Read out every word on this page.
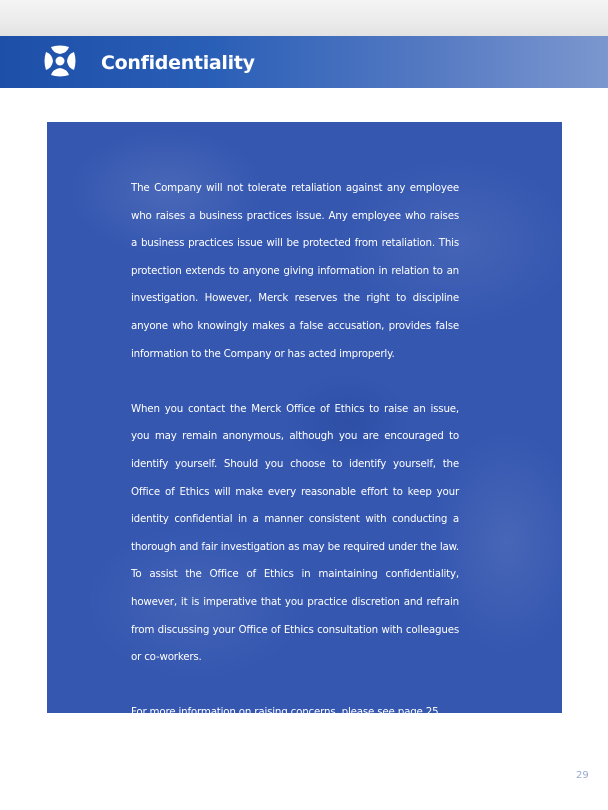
Confidentiality

The Company will not tolerate retaliation against any employee who raises a business practices issue. Any employee who raises a business practices issue will be protected from retaliation. This protection extends to anyone giving information in relation to an investigation. However, Merck reserves the right to discipline anyone who knowingly makes a false accusation, provides false information to the Company or has acted improperly.

When you contact the Merck Office of Ethics to raise an issue, you may remain anonymous, although you are encouraged to identify yourself. Should you choose to identify yourself, the Office of Ethics will make every reasonable effort to keep your identity confidential in a manner consistent with conducting a thorough and fair investigation as may be required under the law. To assist the Office of Ethics in maintaining confidentiality, however, it is imperative that you practice discretion and refrain from discussing your Office of Ethics consultation with colleagues or co-workers.

For more information on raising concerns, please see page 25.

29
